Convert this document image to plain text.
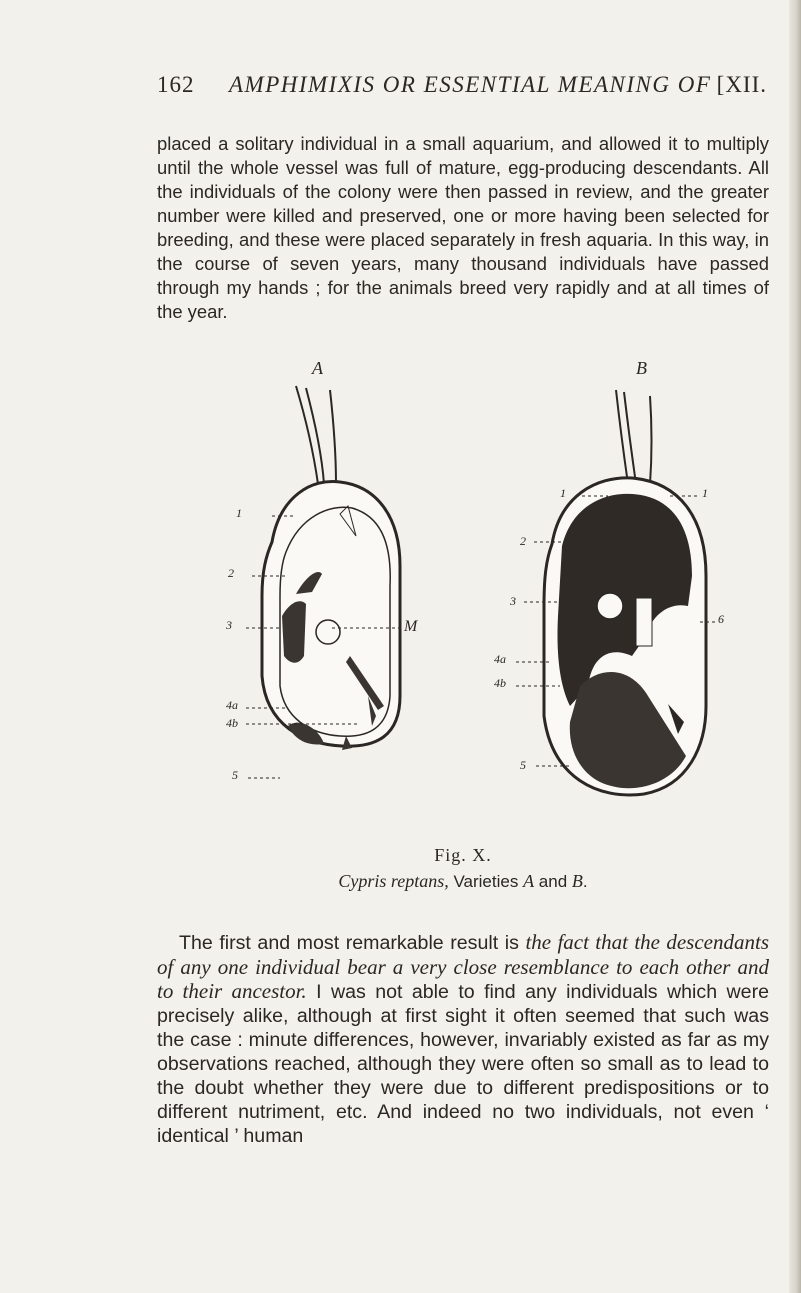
162 AMPHIMIXIS OR ESSENTIAL MEANING OF [XII.

placed a solitary individual in a small aquarium, and allowed it to multiply until the whole vessel was full of mature, egg-producing descendants. All the individuals of the colony were then passed in review, and the greater number were killed and preserved, one or more having been selected for breeding, and these were placed separately in fresh aquaria. In this way, in the course of seven years, many thousand individuals have passed through my hands ; for the animals breed very rapidly and at all times of the year.

A	B
1
2
3
4a
4b
5
M
1	1
2
3
6
4a
4b
5
Fig. X.
Cypris reptans, Varieties A and B.

The first and most remarkable result is the fact that the descendants of any one individual bear a very close resemblance to each other and to their ancestor. I was not able to find any individuals which were precisely alike, although at first sight it often seemed that such was the case : minute differences, however, invariably existed as far as my observations reached, although they were often so small as to lead to the doubt whether they were due to different predispositions or to different nutriment, etc. And indeed no two individuals, not even ‘ identical ’ human
